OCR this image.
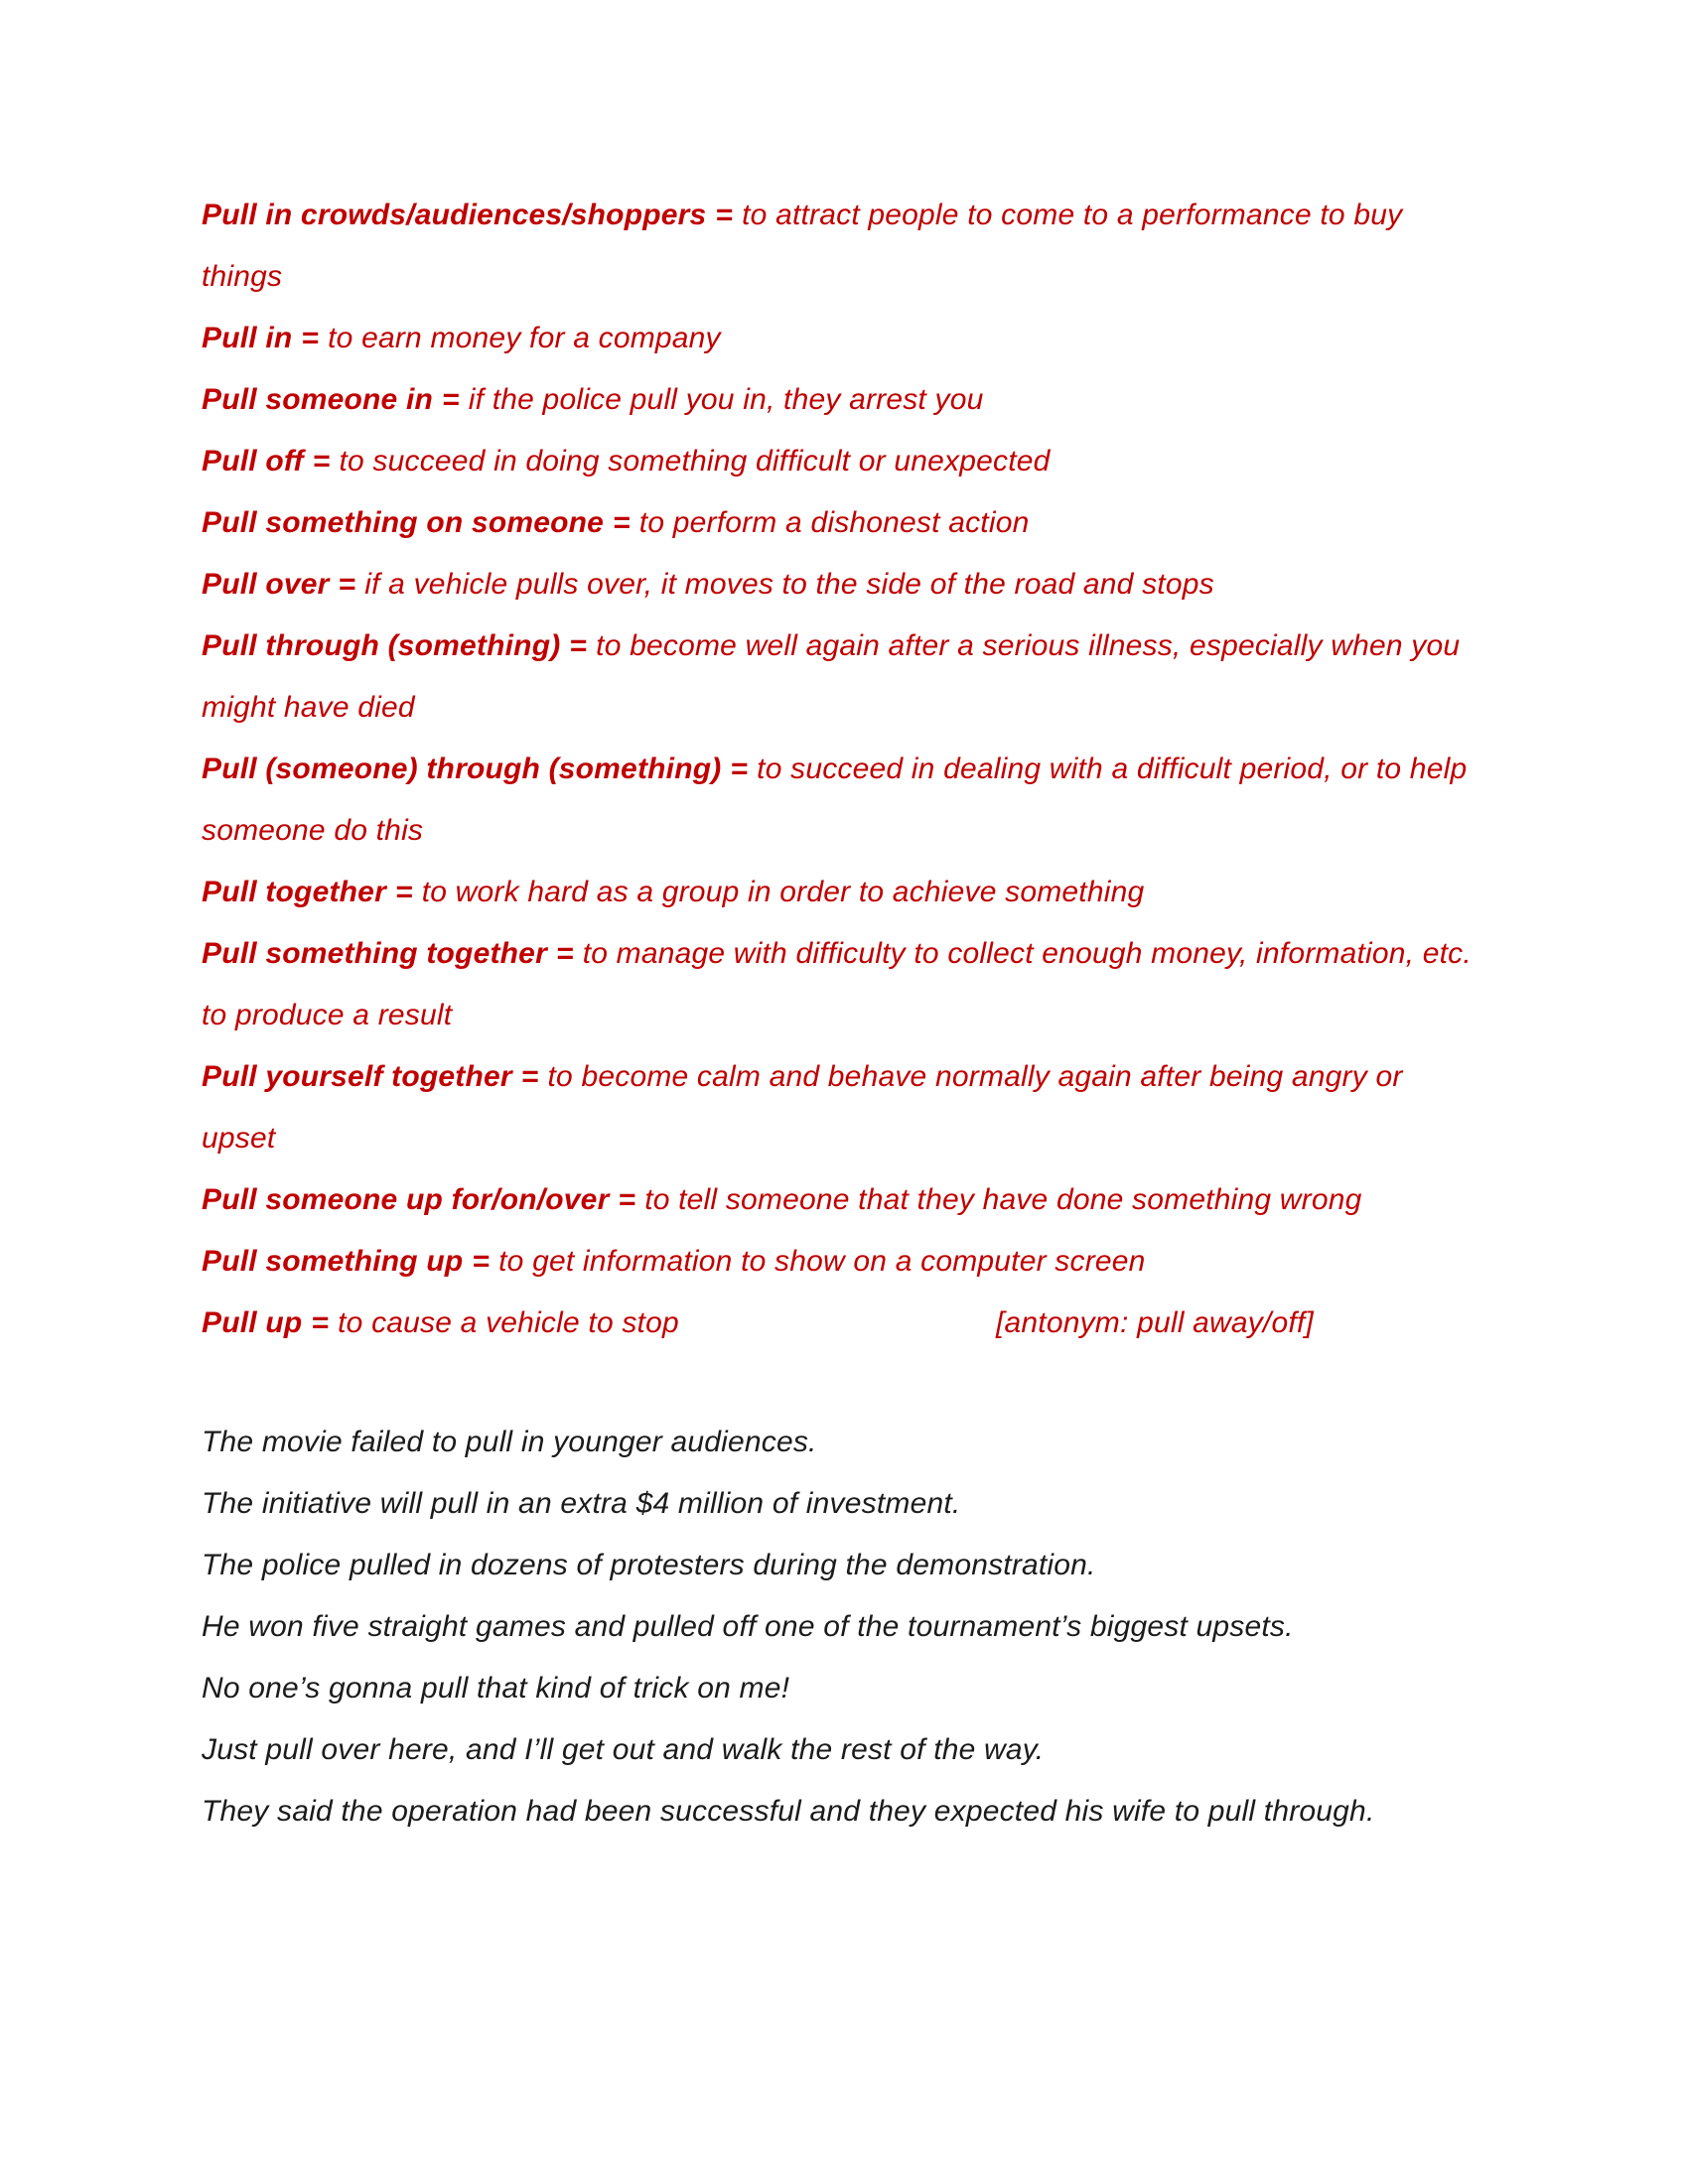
Pull in crowds/audiences/shoppers = to attract people to come to a performance to buy things

Pull in = to earn money for a company

Pull someone in = if the police pull you in, they arrest you

Pull off = to succeed in doing something difficult or unexpected

Pull something on someone = to perform a dishonest action

Pull over = if a vehicle pulls over, it moves to the side of the road and stops

Pull through (something) = to become well again after a serious illness, especially when you might have died

Pull (someone) through (something) = to succeed in dealing with a difficult period, or to help someone do this

Pull together = to work hard as a group in order to achieve something

Pull something together = to manage with difficulty to collect enough money, information, etc. to produce a result

Pull yourself together = to become calm and behave normally again after being angry or upset

Pull someone up for/on/over = to tell someone that they have done something wrong

Pull something up = to get information to show on a computer screen

Pull up = to cause a vehicle to stop	[antonym: pull away/off]

The movie failed to pull in younger audiences.

The initiative will pull in an extra $4 million of investment.

The police pulled in dozens of protesters during the demonstration.

He won five straight games and pulled off one of the tournament’s biggest upsets.

No one’s gonna pull that kind of trick on me!

Just pull over here, and I’ll get out and walk the rest of the way.

They said the operation had been successful and they expected his wife to pull through.
